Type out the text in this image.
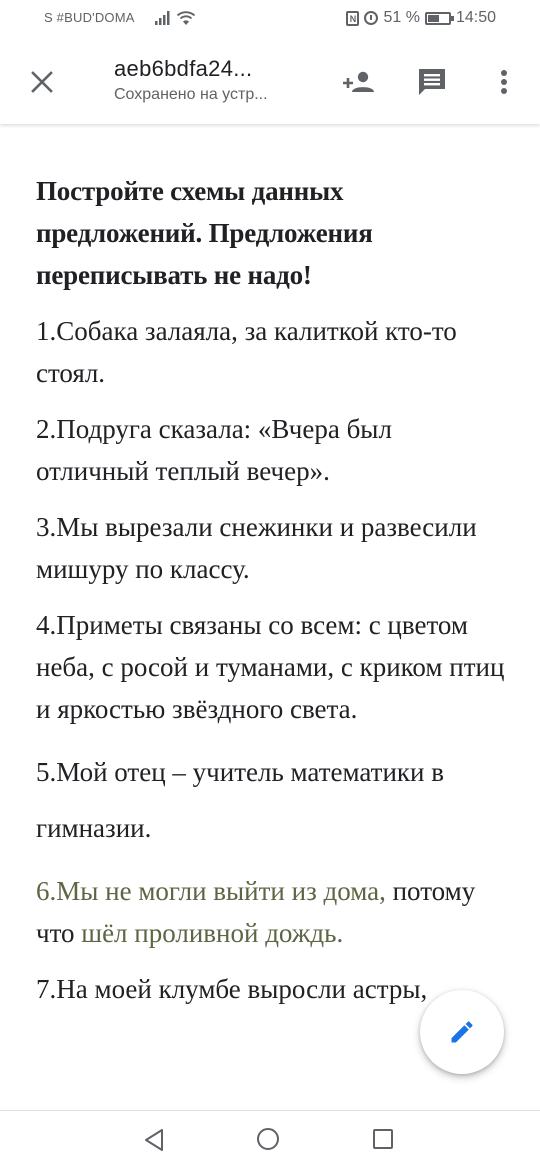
Ѕ #BUD'DOMA	N 51 % 14:50
aeb6bdfa24...
Сохранено на устр...

Постройте схемы данных предложений. Предложения переписывать не надо!

1.Собака залаяла, за калиткой кто-то стоял.

2.Подруга сказала: «Вчера был отличный теплый вечер».

3.Мы вырезали снежинки и развесили мишуру по классу.

4.Приметы связаны со всем: с цветом неба, с росой и туманами, с криком птиц и яркостью звёздного света.

5.Мой отец – учитель математики в гимназии.

6.Мы не могли выйти из дома, потому что шёл проливной дождь.

7.На моей клумбе выросли астры,
